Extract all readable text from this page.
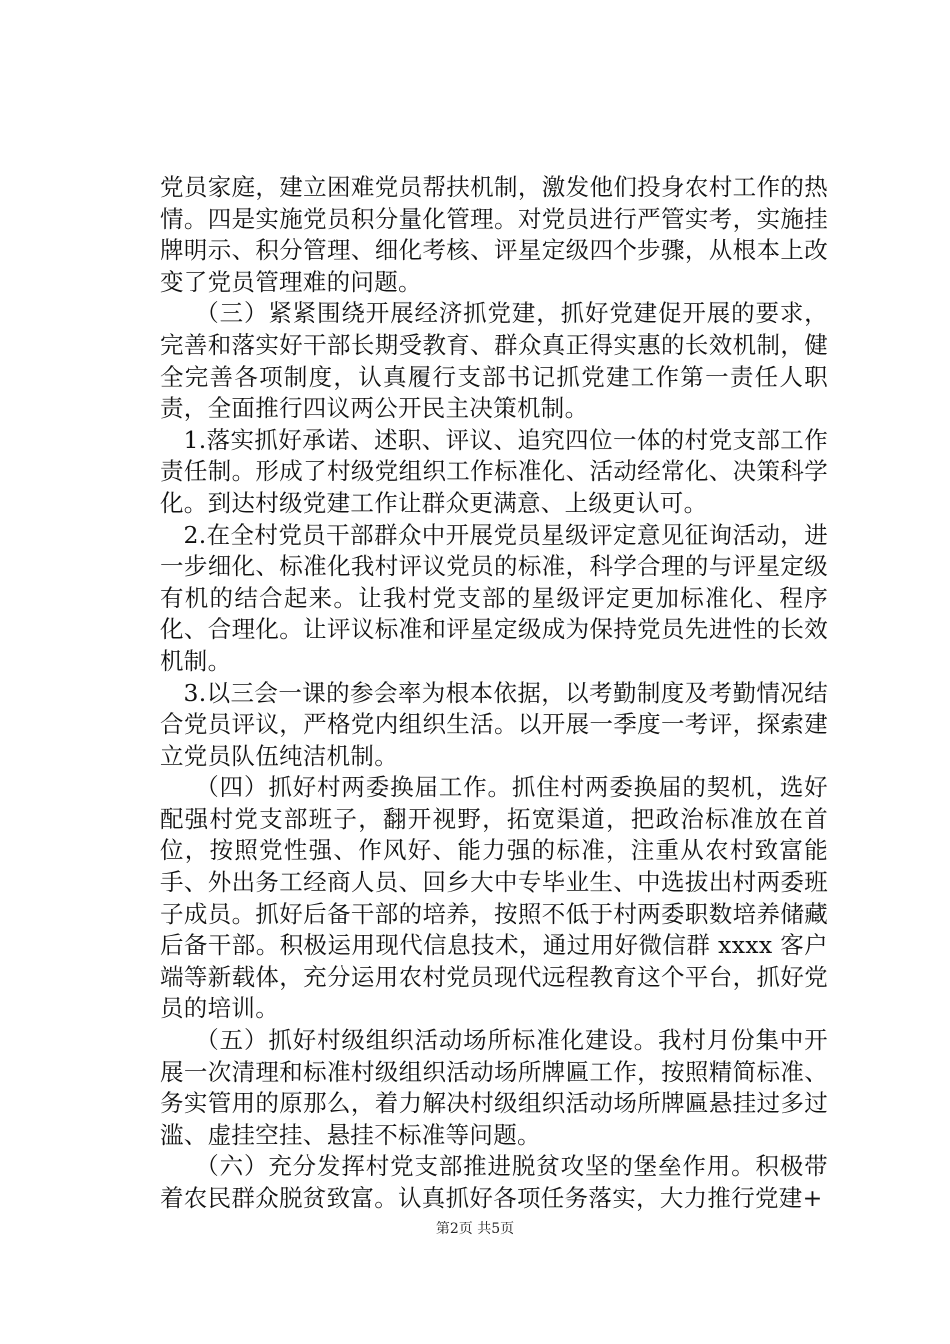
党员家庭，建立困难党员帮扶机制，激发他们投身农村工作的热情。四是实施党员积分量化管理。对党员进行严管实考，实施挂牌明示、积分管理、细化考核、评星定级四个步骤，从根本上改变了党员管理难的问题。

（三）紧紧围绕开展经济抓党建，抓好党建促开展的要求，完善和落实好干部长期受教育、群众真正得实惠的长效机制，健全完善各项制度，认真履行支部书记抓党建工作第一责任人职责，全面推行四议两公开民主决策机制。

1.落实抓好承诺、述职、评议、追究四位一体的村党支部工作责任制。形成了村级党组织工作标准化、活动经常化、决策科学化。到达村级党建工作让群众更满意、上级更认可。

2.在全村党员干部群众中开展党员星级评定意见征询活动，进一步细化、标准化我村评议党员的标准，科学合理的与评星定级有机的结合起来。让我村党支部的星级评定更加标准化、程序化、合理化。让评议标准和评星定级成为保持党员先进性的长效机制。

3.以三会一课的参会率为根本依据，以考勤制度及考勤情况结合党员评议，严格党内组织生活。以开展一季度一考评，探索建立党员队伍纯洁机制。

（四）抓好村两委换届工作。抓住村两委换届的契机，选好配强村党支部班子，翻开视野，拓宽渠道，把政治标准放在首位，按照党性强、作风好、能力强的标准，注重从农村致富能手、外出务工经商人员、回乡大中专毕业生、中选拔出村两委班子成员。抓好后备干部的培养，按照不低于村两委职数培养储藏后备干部。积极运用现代信息技术，通过用好微信群 xxxx 客户端等新载体，充分运用农村党员现代远程教育这个平台，抓好党员的培训。

（五）抓好村级组织活动场所标准化建设。我村月份集中开展一次清理和标准村级组织活动场所牌匾工作，按照精简标准、务实管用的原那么，着力解决村级组织活动场所牌匾悬挂过多过滥、虚挂空挂、悬挂不标准等问题。

（六）充分发挥村党支部推进脱贫攻坚的堡垒作用。积极带着农民群众脱贫致富。认真抓好各项任务落实，大力推行党建+

第2页 共5页
